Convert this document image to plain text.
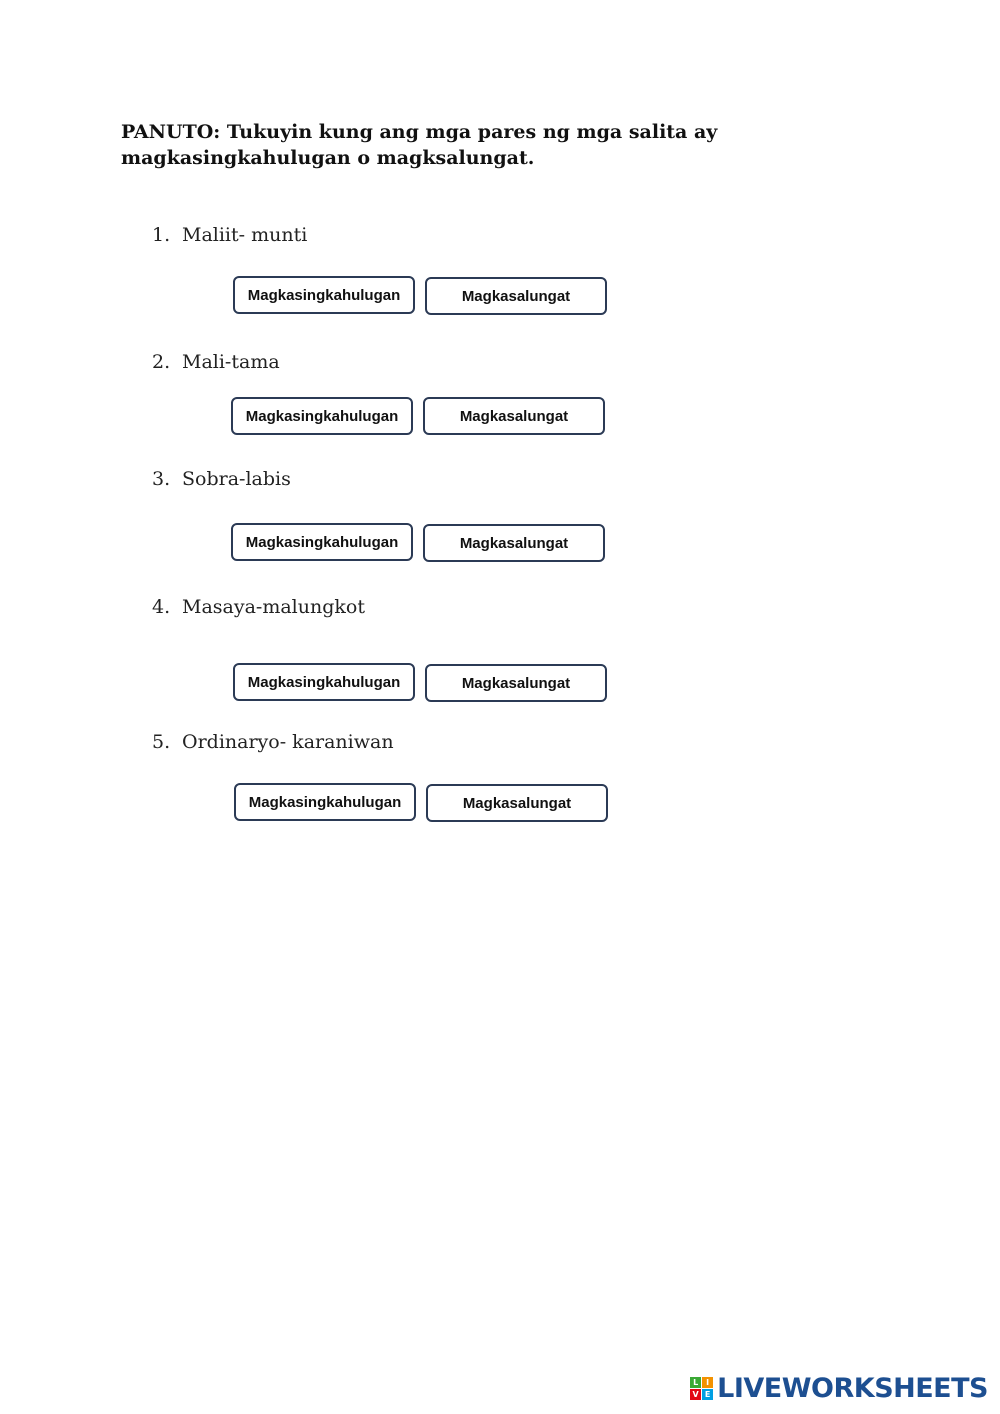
PANUTO: Tukuyin kung ang mga pares ng mga salita ay
magkasingkahulugan o magksalungat.

1. Maliit- munti
Magkasingkahulugan	Magkasalungat
2. Mali-tama
Magkasingkahulugan	Magkasalungat
3. Sobra-labis
Magkasingkahulugan	Magkasalungat
4. Masaya-malungkot
Magkasingkahulugan	Magkasalungat
5. Ordinaryo- karaniwan
Magkasingkahulugan	Magkasalungat
L I
V E LIVEWORKSHEETS
